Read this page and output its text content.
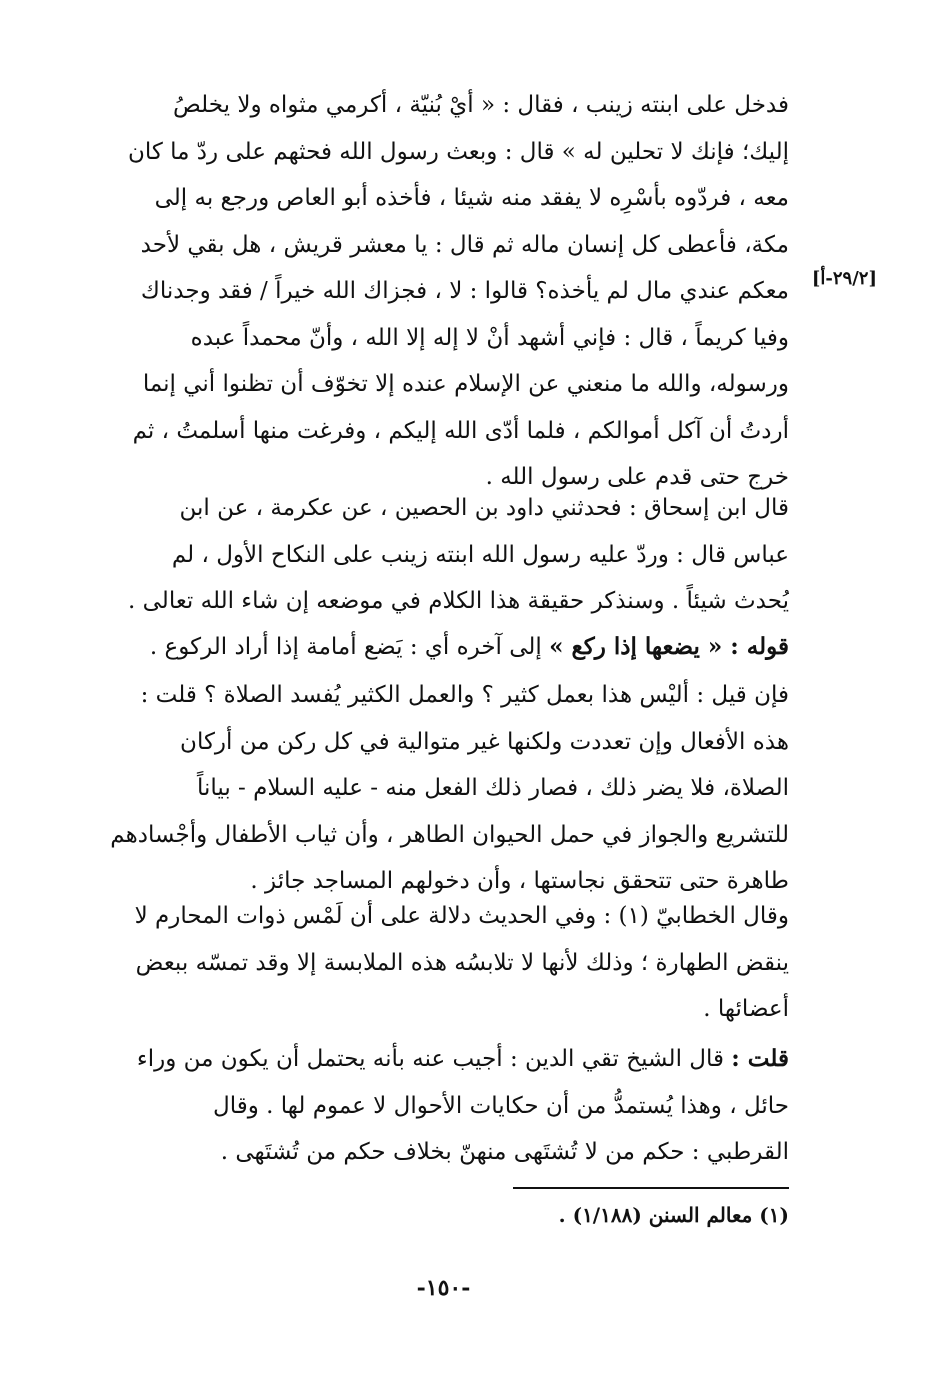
[٢٩/٢-أ]
فدخل على ابنته زينب ، فقال : « أيْ بُنيّة ، أكرمي مثواه ولا يخلصُ
إليك؛ فإنك لا تحلين له » قال : وبعث رسول الله فحثهم على ردّ ما كان
معه ، فردّوه بأسْرِه لا يفقد منه شيئا ، فأخذه أبو العاص ورجع به إلى
مكة، فأعطى كل إنسان ماله ثم قال : يا معشر قريش ، هل بقي لأحد
معكم عندي مال لم يأخذه؟ قالوا : لا ، فجزاك الله خيراً / فقد وجدناك
وفيا كريماً ، قال : فإني أشهد أنْ لا إله إلا الله ، وأنّ محمداً عبده
ورسوله، والله ما منعني عن الإسلام عنده إلا تخوّف أن تظنوا أني إنما
أردتُ أن آكل أموالكم ، فلما أدّى الله إليكم ، وفرغت منها أسلمتُ ، ثم
خرج حتى قدم على رسول الله .
قال ابن إسحاق : فحدثني داود بن الحصين ، عن عكرمة ، عن ابن
عباس قال : وردّ عليه رسول الله ابنته زينب على النكاح الأول ، لم
يُحدث شيئاً . وسنذكر حقيقة هذا الكلام في موضعه إن شاء الله تعالى .
قوله : « يضعها إذا ركع » إلى آخره أي : يَضع أمامة إذا أراد الركوع .
فإن قيل : أليْس هذا بعمل كثير ؟ والعمل الكثير يُفسد الصلاة ؟ قلت :
هذه الأفعال وإن تعددت ولكنها غير متوالية في كل ركن من أركان
الصلاة، فلا يضر ذلك ، فصار ذلك الفعل منه - عليه السلام - بياناً
للتشريع والجواز في حمل الحيوان الطاهر ، وأن ثياب الأطفال وأجْسادهم
طاهرة حتى تتحقق نجاستها ، وأن دخولهم المساجد جائز .
وقال الخطابيّ (١) : وفي الحديث دلالة على أن لَمْس ذوات المحارم لا
ينقض الطهارة ؛ وذلك لأنها لا تلابسُه هذه الملابسة إلا وقد تمسّه ببعض
أعضائها .
قلت : قال الشيخ تقي الدين : أجيب عنه بأنه يحتمل أن يكون من وراء
حائل ، وهذا يُستمدُّ من أن حكايات الأحوال لا عموم لها . وقال
القرطبي : حكم من لا تُشتَهى منهنّ بخلاف حكم من تُشتَهى .
(١) معالم السنن (١/١٨٨) .
-١٥٠-
